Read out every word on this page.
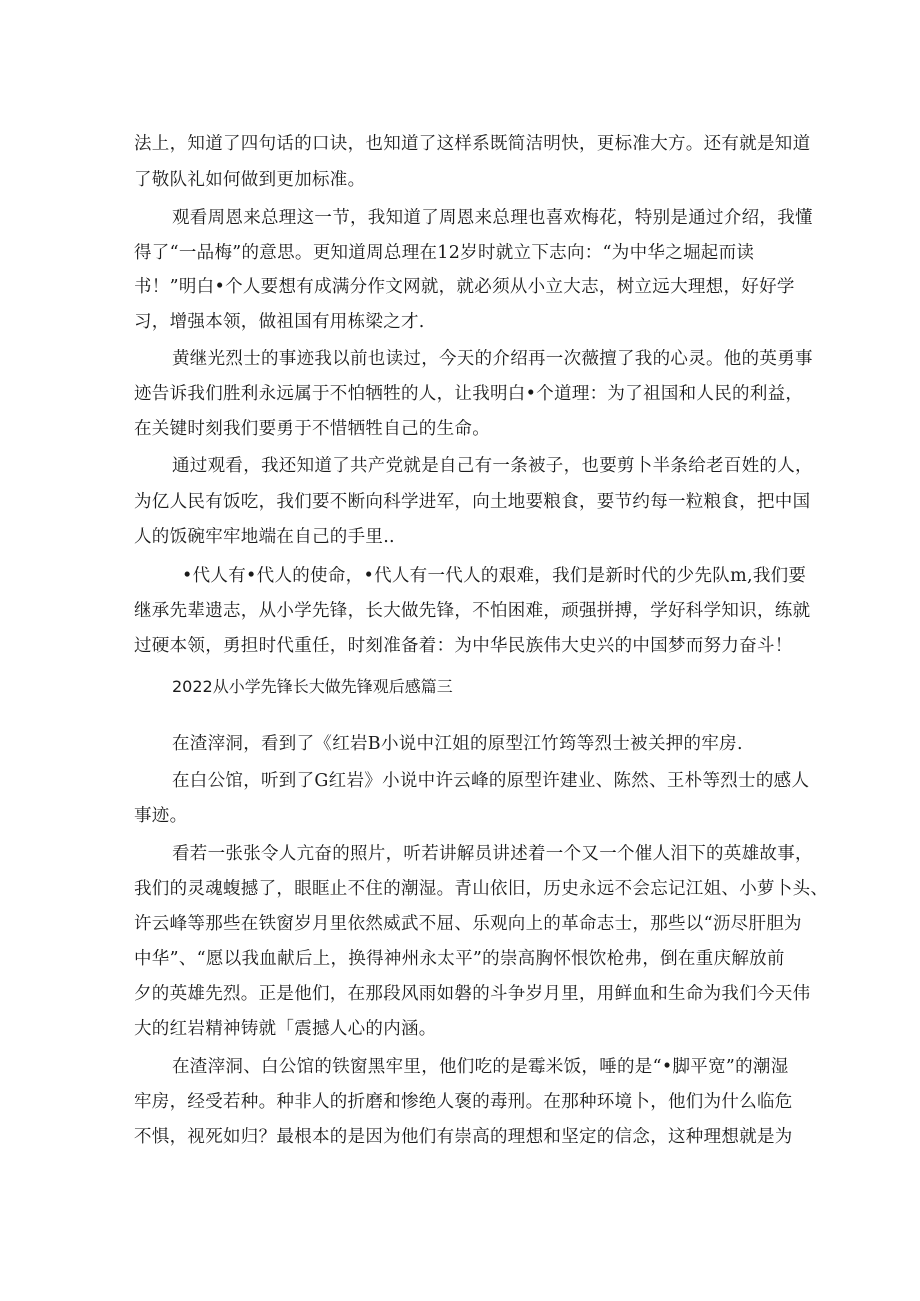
法上，知道了四句话的口诀，也知道了这样系既简洁明快，更标准大方。还有就是知道
了敬队礼如何做到更加标准。
观看周恩来总理这一节，我知道了周恩来总理也喜欢梅花，特别是通过介绍，我懂
得了“一品梅”的意思。更知道周总理在12岁时就立下志向：“为中华之堀起而读
书！”明白•个人要想有成满分作文网就，就必须从小立大志，树立远大理想，好好学
习，增强本领，做祖国有用栋梁之才.
黄继光烈士的事迹我以前也读过，今天的介绍再一次薇擅了我的心灵。他的英勇事
迹告诉我们胜利永远属于不怕牺牲的人，让我明白•个道理：为了祖国和人民的利益，
在关键时刻我们要勇于不惜牺牲自己的生命。
通过观看，我还知道了共产党就是自己有一条被子，也要剪卜半条给老百姓的人，
为亿人民有饭吃，我们要不断向科学进军，向土地要粮食，要节约每一粒粮食，把中国
人的饭碗牢牢地端在自己的手里..
•代人有•代人的使命，•代人有一代人的艰难，我们是新时代的少先队m,我们要
继承先辈遗志，从小学先锋，长大做先锋，不怕困难，顽强拼搏，学好科学知识，练就
过硬本领，勇担时代重任，时刻准备着：为中华民族伟大史兴的中国梦而努力奋斗！
2022从小学先锋长大做先锋观后感篇三
在渣滓洞，看到了《红岩B小说中江姐的原型江竹筠等烈士被关押的牢房.
在白公馆，听到了G红岩》小说中许云峰的原型许建业、陈然、王朴等烈士的感人
事迹。
看若一张张令人亢奋的照片，听若讲解员讲述着一个又一个催人泪下的英雄故事，
我们的灵魂蝮撼了，眼眶止不住的潮湿。青山依旧，历史永远不会忘记江姐、小萝卜头、
许云峰等那些在铁窗岁月里依然威武不屈、乐观向上的革命志士，那些以“沥尽肝胆为
中华”、“愿以我血献后上，换得神州永太平”的崇高胸怀恨饮枪弗，倒在重庆解放前
夕的英雄先烈。正是他们，在那段风雨如磐的斗争岁月里，用鲜血和生命为我们今天伟
大的红岩精神铸就「震撼人心的内涵。
在渣滓洞、白公馆的铁窗黑牢里，他们吃的是霉米饭，唾的是“•脚平宽”的潮湿
牢房，经受若种。种非人的折磨和惨绝人褒的毒刑。在那种环境卜，他们为什么临危
不惧，视死如归？最根本的是因为他们有崇高的理想和坚定的信念，这种理想就是为
